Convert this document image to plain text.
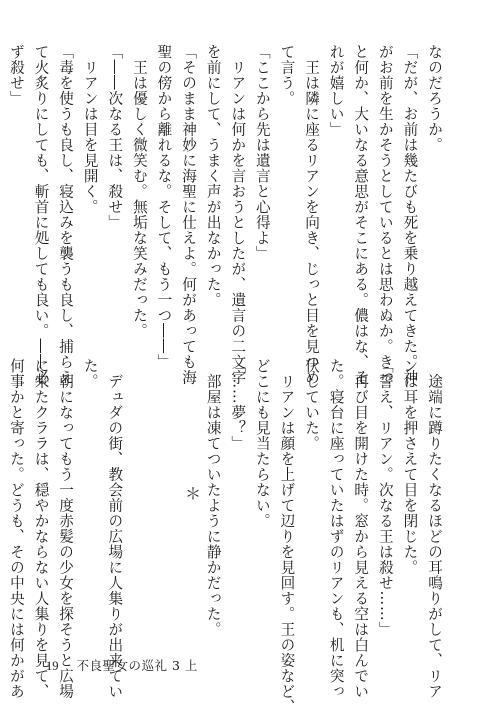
なのだろうか。
「だが、お前は幾たびも死を乗り越えてきた。神
がお前を生かそうとしているとは思わぬか。きっ
と何か、大いなる意思がそこにある。儂はな、そ
れが嬉しい」
　王は隣に座るリアンを向き、じっと目を見つめ
て言う。
「ここから先は遺言と心得よ」
　リアンは何かを言おうとしたが、遺言の二文字
を前にして、うまく声が出なかった。
「そのまま神妙に海聖に仕えよ。何があっても海
聖の傍から離れるな。そして、もう一つ――」
　王は優しく微笑む。無垢な笑みだった。
「――次なる王は、殺せ」
　リアンは目を見開く。
「毒を使うも良し、寝込みを襲うも良し、捕らえ
て火炙りにしても、斬首に処しても良い。――必
ず殺せ」
＊	　途端に蹲りたくなるほどの耳鳴りがして、リア
ンは耳を押さえて目を閉じた。
「誓え、リアン。次なる王は殺せ……」
　再び目を開けた時。窓から見える空は白んでい
た。寝台に座っていたはずのリアンも、机に突っ
伏していた。
　リアンは顔を上げて辺りを見回す。王の姿など、
どこにも見当たらない。
「……夢？」
　部屋は凍てついたように静かだった。

　デュダの街、教会前の広場に人集りが出来てい
た。
　朝になってもう一度赤髪の少女を探そうと広場
に来たクララは、穏やかならない人集りを見て、
何事かと寄った。どうも、その中央には何かがあ 19 不良聖女の巡礼 3 上
